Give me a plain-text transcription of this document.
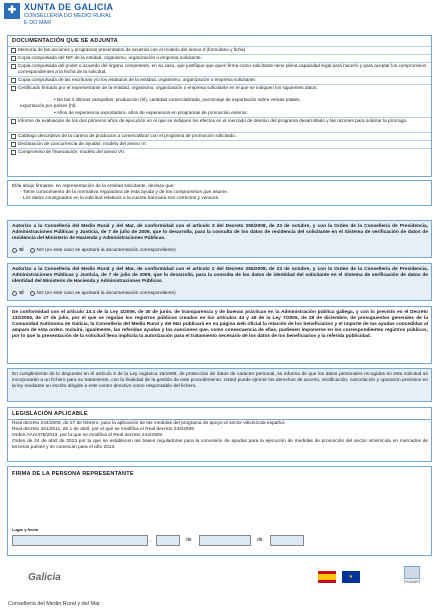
✚ XUNTA DE GALICIA
CONSELLERÍA DO MEDIO RURAL
E DO MAR
DOCUMENTACIÓN QUE SE ADJUNTA
Memoria de las acciones y programas presentados de acuerdo con el modelo del anexo II (formulario y ficha).
Copia compulsada del NIF de la entidad, organismo, organización o empresa solicitante.
Copia compulsada del poder o acuerdo del órgano competente, en su caso, que justifique que quien firma como solicitante tiene plena capacidad legal para hacerlo y para aceptar los compromisos correspondientes a la fecha de la solicitud.
Copia compulsada de las escrituras y/o los estatutos de la entidad, organismo, organización o empresa solicitante.
Certificado firmado por el representante de la entidad, organismo, organización o empresa solicitante en el que se indiquen los siguientes datos:
• De las 3 últimas campañas: producción (hl), cantidad comercializada, porcentaje de exportación sobre ventas totales,
exportación por países (hl).
• Años de experiencia exportadora, años de experiencia en programas de promoción exterior.
Informe de evaluación de los dos primeros años de ejecución en el que se indiquen los efectos en el mercado de destino del programa desarrollado y las razones para solicitar la prórroga.
Catálogo descriptivo de la cartera de productos a comercializar con el programa de promoción solicitado.
Declaración de concurrencia de ayudas: modelo del anexo VI.
Compromiso de financiación: modelo del anexo VII.
El/la abajo firmante, en representación de la entidad solicitante, declara que:
- Tiene conocimiento de la normativa reguladora de esta ayuda y de los compromisos que asume.
- Los datos consignados en la solicitud relativos a la cuenta bancaria son correctos y veraces.
Autorizo a la Consellería del Medio Rural y del Mar, de conformidad con el artículo 3 del Decreto 255/2008, de 23 de octubre, y con la Orden de la Consellería de Presidencia, Administraciones Públicas y Justicia, de 7 de julio de 2009, que lo desarrolla, para la consulta de los datos de residencia del solicitante en el Sistema de verificación de datos de residencia del Ministerio de Hacienda y Administraciones Públicas.
SÍ	NO (en este caso se aportará la documentación correspondiente)
Autorizo a la Consellería del Medio Rural y del Mar, de conformidad con el artículo 2 del Decreto 255/2008, de 23 de octubre, y con la Orden de la Consellería de Presidencia, Administraciones Públicas y Justicia, de 7 de julio de 2009, que lo desarrolla, para la consulta de los datos de identidad del solicitante en el Sistema de verificación de datos de identidad del Ministerio de Hacienda y Administraciones Públicas.
SÍ	NO (en este caso se aportará la documentación correspondiente)
De conformidad con el artículo 13.4 de la Ley 4/2006, de 30 de junio, de transparencia y de buenas prácticas en la Administración pública gallega, y con lo previsto en el Decreto 132/2006, de 27 de julio, por el que se regulan los registros públicos creados en los artículos 44 y 45 de la Ley 7/2005, de 29 de diciembre, de presupuestos generales de la Comunidad Autónoma de Galicia, la Consellería del Medio Rural y del Mar publicará en su página web oficial la relación de los beneficiarios y el importe de las ayudas concedidas al amparo de esta orden. Incluirá, igualmente, las referidas ayudas y las sanciones que, como consecuencia de ellas, pudiesen imponerse en los correspondientes registros públicos, por lo que la presentación de la solicitud lleva implícita la autorización para el tratamiento necesario de los datos de los beneficiarios y la referida publicidad.
En cumplimiento de lo dispuesto en el artículo 5 de la Ley orgánica 15/1999, de protección de datos de carácter personal, se informa de que los datos personales recogidos en esta solicitud se incorporarán a un fichero para su tratamiento, con la finalidad de la gestión de este procedimiento. Usted puede ejercer los derechos de acceso, rectificación, cancelación y oposición previstos en la ley mediante un escrito dirigido a este centro directivo como responsable del fichero.
LEGISLACIÓN APLICABLE
Real decreto 244/2009, de 27 de febrero, para la aplicación de las medidas del programa de apoyo al sector vitivinícola español.
Real decreto 461/2011, de 1 de abril, por el que se modifica el Real decreto 244/2009.
Orden AAA/478/2013, por la que se modifica el Real decreto 244/2009.
Orden de 24 de abril de 2013 por la que se establecen las bases reguladoras para la concesión de ayudas para la ejecución de medidas de promoción del sector vitivinícola en mercados de terceros países y se convocan para el año 2013.
FIRMA DE LA PERSONA REPRESENTANTE
Lugar y fecha
,	de	de
Galicia	★
FEADER
Consellería del Medio Rural y del Mar
